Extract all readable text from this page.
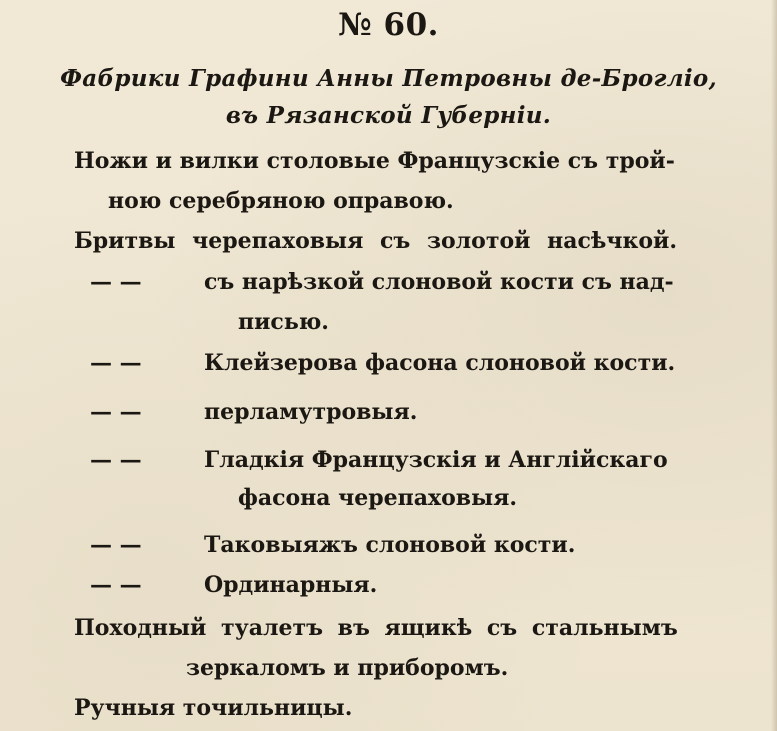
№ 60.
Фабрики Графини Анны Петровны де-Брогліо,
въ Рязанской Губерніи.
Ножи и вилки столовые Французскіе съ трой-
ною серебряною оправою.
Бритвы черепаховыя съ золотой насѣчкой.
— —	съ нарѣзкой слоновой кости съ над-
писью.
— —	Клейзерова фасона слоновой кости.
— —	перламутровыя.
— —	Гладкія Французскія и Англійскаго
фасона черепаховыя.
— —	Таковыяжъ слоновой кости.
— —	Ординарныя.
Походный туалетъ въ ящикѣ съ стальнымъ
зеркаломъ и приборомъ.
Ручныя точильницы.
